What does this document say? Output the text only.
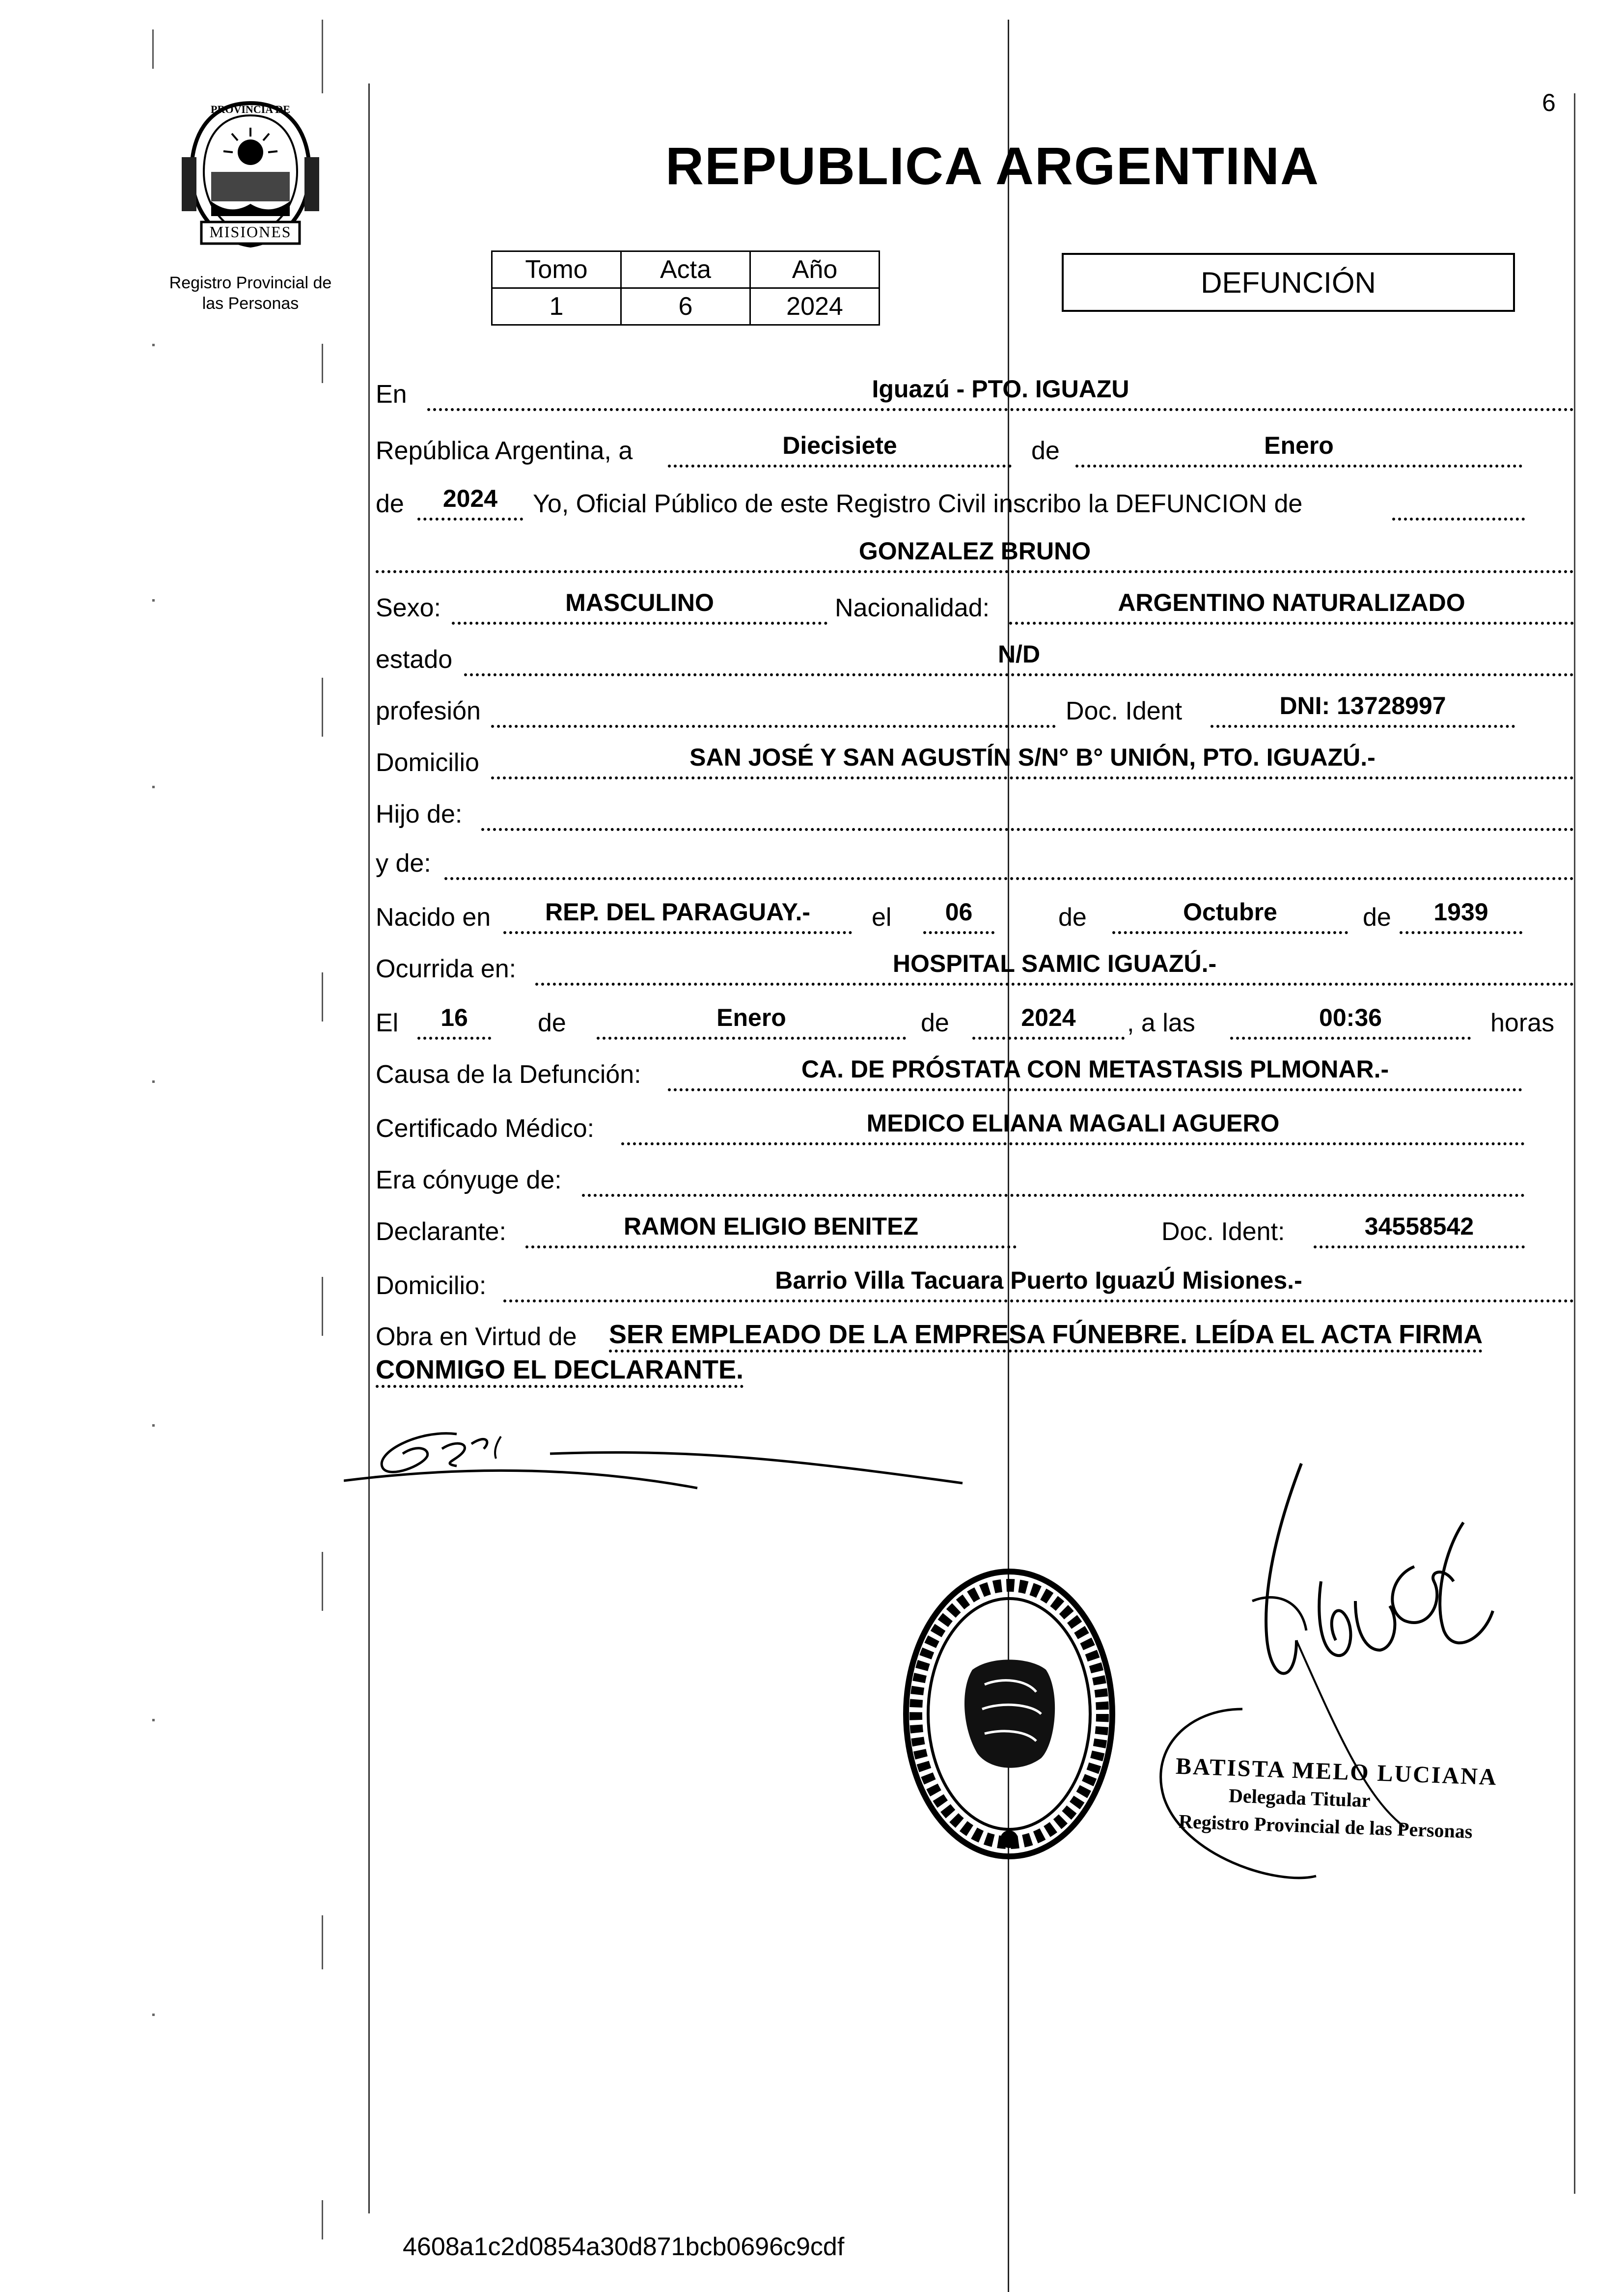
PROVINCIA DE
MISIONES
Registro Provincial de
las Personas
6
REPUBLICA ARGENTINA
Tomo	Acta	Año
1	6	2024
DEFUNCIÓN
En	Iguazú - PTO. IGUAZU
República Argentina, a	Diecisiete	de	Enero
de	2024	Yo, Oficial Público de este Registro Civil inscribo la DEFUNCION de
GONZALEZ BRUNO
Sexo:	MASCULINO	Nacionalidad:	ARGENTINO NATURALIZADO
estado	N/D
profesión	Doc. Ident	DNI: 13728997
Domicilio	SAN JOSÉ Y SAN AGUSTÍN S/N° B° UNIÓN, PTO. IGUAZÚ.-
Hijo de:
y de:
Nacido en	REP. DEL PARAGUAY.-	el	06	de	Octubre	de	1939
Ocurrida en:	HOSPITAL SAMIC IGUAZÚ.-
El	16	de	Enero	de	2024	, a las	00:36	horas
Causa de la Defunción:	CA. DE PRÓSTATA CON METASTASIS PLMONAR.-
Certificado Médico:	MEDICO ELIANA MAGALI AGUERO
Era cónyuge de:
Declarante:	RAMON ELIGIO BENITEZ	Doc. Ident:	34558542
Domicilio:	Barrio Villa Tacuara Puerto IguazÚ Misiones.-
Obra en Virtud de SER EMPLEADO DE LA EMPRESA FÚNEBRE. LEÍDA EL ACTA FIRMA
CONMIGO EL DECLARANTE.
BATISTA MELO LUCIANA
Delegada Titular
Registro Provincial de las Personas
4608a1c2d0854a30d871bcb0696c9cdf
